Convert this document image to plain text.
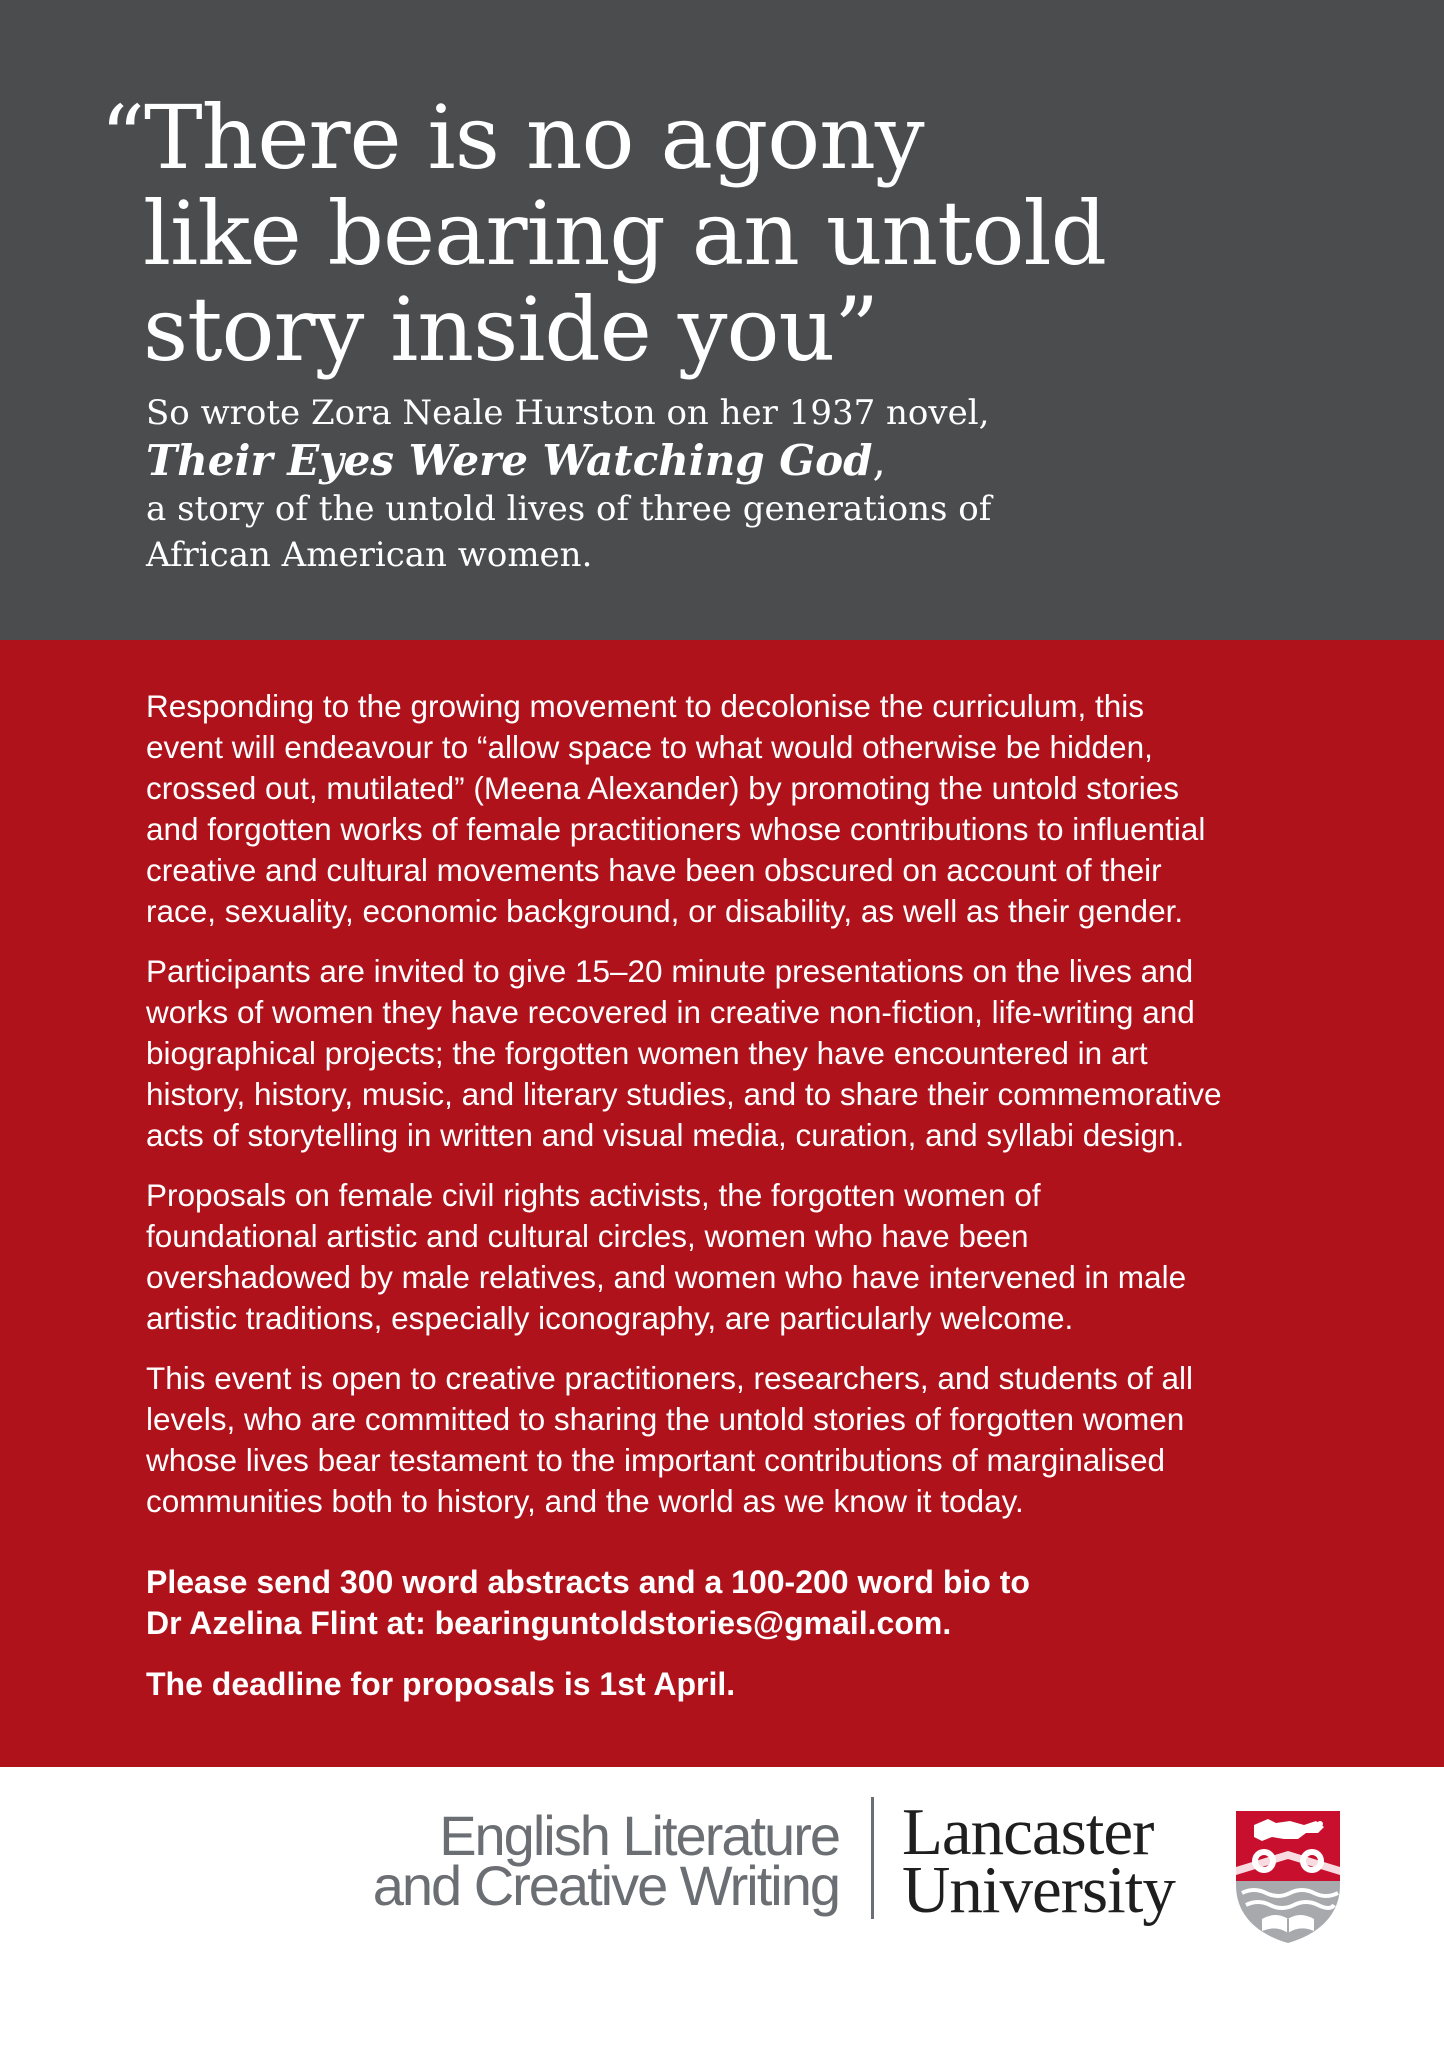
“There is no agony
like bearing an untold
story inside you”
So wrote Zora Neale Hurston on her 1937 novel,
Their Eyes Were Watching God,
a story of the untold lives of three generations of
African American women.

Responding to the growing movement to decolonise the curriculum, this
event will endeavour to “allow space to what would otherwise be hidden,
crossed out, mutilated” (Meena Alexander) by promoting the untold stories
and forgotten works of female practitioners whose contributions to influential
creative and cultural movements have been obscured on account of their
race, sexuality, economic background, or disability, as well as their gender.

Participants are invited to give 15–20 minute presentations on the lives and
works of women they have recovered in creative non-fiction, life-writing and
biographical projects; the forgotten women they have encountered in art
history, history, music, and literary studies, and to share their commemorative
acts of storytelling in written and visual media, curation, and syllabi design.

Proposals on female civil rights activists, the forgotten women of
foundational artistic and cultural circles, women who have been
overshadowed by male relatives, and women who have intervened in male
artistic traditions, especially iconography, are particularly welcome.

This event is open to creative practitioners, researchers, and students of all
levels, who are committed to sharing the untold stories of forgotten women
whose lives bear testament to the important contributions of marginalised
communities both to history, and the world as we know it today.

Please send 300 word abstracts and a 100-200 word bio to
Dr Azelina Flint at: bearinguntoldstories@gmail.com.

The deadline for proposals is 1st April.

English Literature
and Creative Writing
Lancaster
University
